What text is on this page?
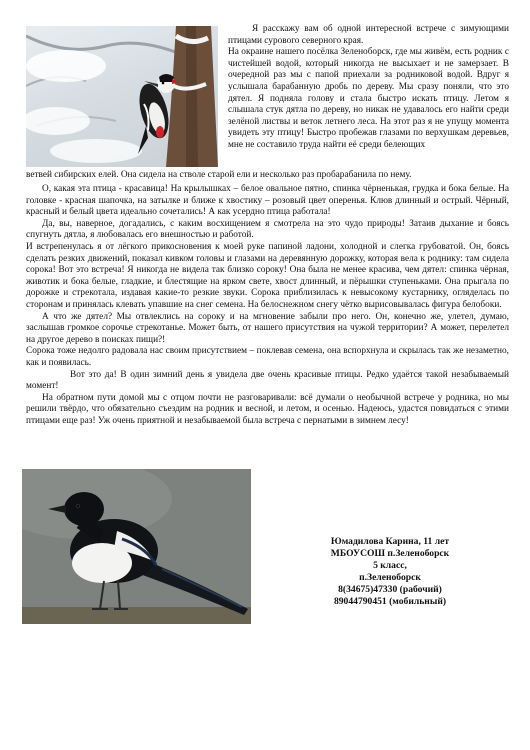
Я расскажу вам об одной интересной встрече с зимующими птицами сурового северного края.

На окраине нашего посёлка Зеленоборск, где мы живём, есть родник с чистейшей водой, который никогда не высыхает и не замерзает. В очередной раз мы с папой приехали за родниковой водой. Вдруг я услышала барабанную дробь по дереву. Мы сразу поняли, что это дятел. Я подняла голову и стала быстро искать птицу. Летом я слышала стук дятла по дереву, но никак не удавалось его найти среди зелёной листвы и веток летнего леса. На этот раз я не упущу момента увидеть эту птицу! Быстро пробежав глазами по верхушкам деревьев, мне не составило труда найти её среди белеющих

ветвей сибирских елей. Она сидела на стволе старой ели и несколько раз пробарабанила по нему.

О, какая эта птица - красавица! На крылышках – белое овальное пятно, спинка чёрненькая, грудка и бока белые. На головке - красная шапочка, на затылке и ближе к хвостику – розовый цвет оперенья. Клюв длинный и острый. Чёрный, красный и белый цвета идеально сочетались! А как усердно птица работала!

Да, вы, наверное, догадались, с каким восхищением я смотрела на это чудо природы! Затаив дыхание и боясь спугнуть дятла, я любовалась его внешностью и работой.

И встрепенулась я от лёгкого прикосновения к моей руке папиной ладони, холодной и слегка грубоватой. Он, боясь сделать резких движений, показал кивком головы и глазами на деревянную дорожку, которая вела к роднику: там сидела сорока! Вот это встреча! Я никогда не видела так близко сороку! Она была не менее красива, чем дятел: спинка чёрная, животик и бока белые, гладкие, и блестящие на ярком свете, хвост длинный, и пёрышки ступеньками. Она прыгала по дорожке и стрекотала, издавая какие-то резкие звуки. Сорока приблизилась к невысокому кустарнику, огляделась по сторонам и принялась клевать упавшие на снег семена. На белоснежном снегу чётко вырисовывалась фигура белобоки.

А что же дятел? Мы отвлеклись на сороку и на мгновение забыли про него. Он, конечно же, улетел, думаю, заслышав громкое сорочье стрекотанье. Может быть, от нашего присутствия на чужой территории? А может, перелетел на другое дерево в поисках пищи?!

Сорока тоже недолго радовала нас своим присутствием – поклевав семена, она вспорхнула и скрылась так же незаметно, как и появилась.

Вот это да! В один зимний день я увидела две очень красивые птицы. Редко удаётся такой незабываемый момент!

На обратном пути домой мы с отцом почти не разговаривали: всё думали о необычной встрече у родника, но мы решили твёрдо, что обязательно съездим на родник и весной, и летом, и осенью. Надеюсь, удастся повидаться с этими птицами еще раз! Уж очень приятной и незабываемой была встреча с пернатыми в зимнем лесу!

Юмадилова Карина, 11 лет
МБОУСОШ п.Зеленоборск
5 класс,
п.Зеленоборск
8(34675)47330 (рабочий)
89044790451 (мобильный)
